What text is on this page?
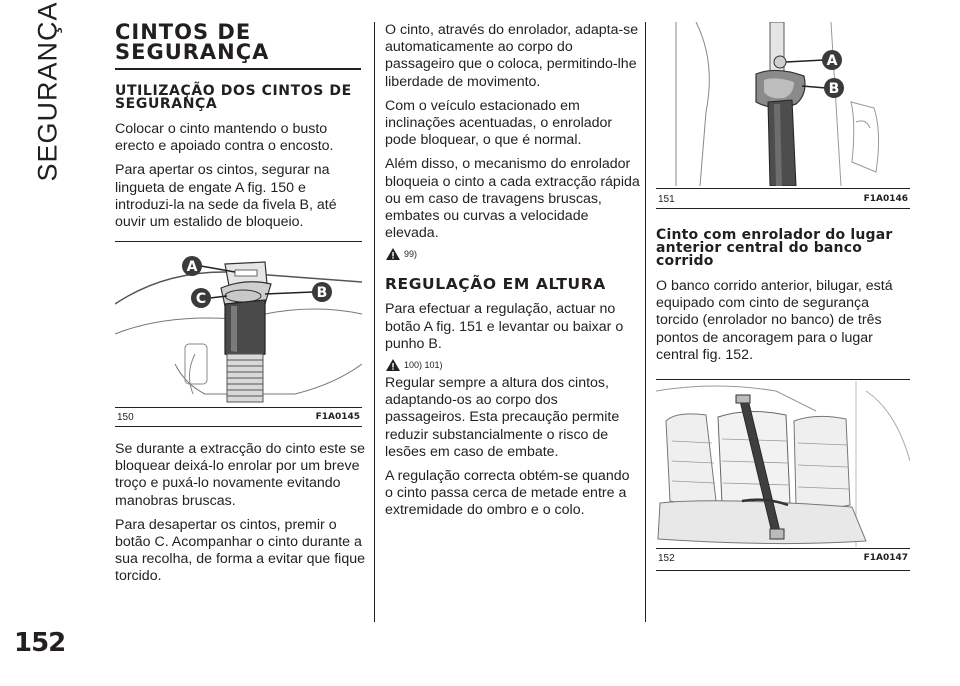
SEGURANÇA
152
CINTOS DE
SEGURANÇA
UTILIZAÇÃO DOS CINTOS DE SEGURANÇA

Colocar o cinto mantendo o busto erecto e apoiado contra o encosto.

Para apertar os cintos, segurar na lingueta de engate A fig. 150 e introduzi-la na sede da fivela B, até ouvir um estalido de bloqueio.

A
B
C
150	F1A0145

Se durante a extracção do cinto este se bloquear deixá-lo enrolar por um breve troço e puxá-lo novamente evitando manobras bruscas.

Para desapertar os cintos, premir o botão C. Acompanhar o cinto durante a sua recolha, de forma a evitar que fique torcido.

O cinto, através do enrolador, adapta-se automaticamente ao corpo do passageiro que o coloca, permitindo-lhe liberdade de movimento.

Com o veículo estacionado em inclinações acentuadas, o enrolador pode bloquear, o que é normal.

Além disso, o mecanismo do enrolador bloqueia o cinto a cada extracção rápida ou em caso de travagens bruscas, embates ou curvas a velocidade elevada.

99)
REGULAÇÃO EM ALTURA

Para efectuar a regulação, actuar no botão A fig. 151 e levantar ou baixar o punho B.

100) 101)

Regular sempre a altura dos cintos, adaptando-os ao corpo dos passageiros. Esta precaução permite reduzir substancialmente o risco de lesões em caso de embate.

A regulação correcta obtém-se quando o cinto passa cerca de metade entre a extremidade do ombro e o colo.

A
B
151	F1A0146
Cinto com enrolador do lugar anterior central do banco corrido

O banco corrido anterior, bilugar, está equipado com cinto de segurança torcido (enrolador no banco) de três pontos de ancoragem para o lugar central fig. 152.

152	F1A0147
